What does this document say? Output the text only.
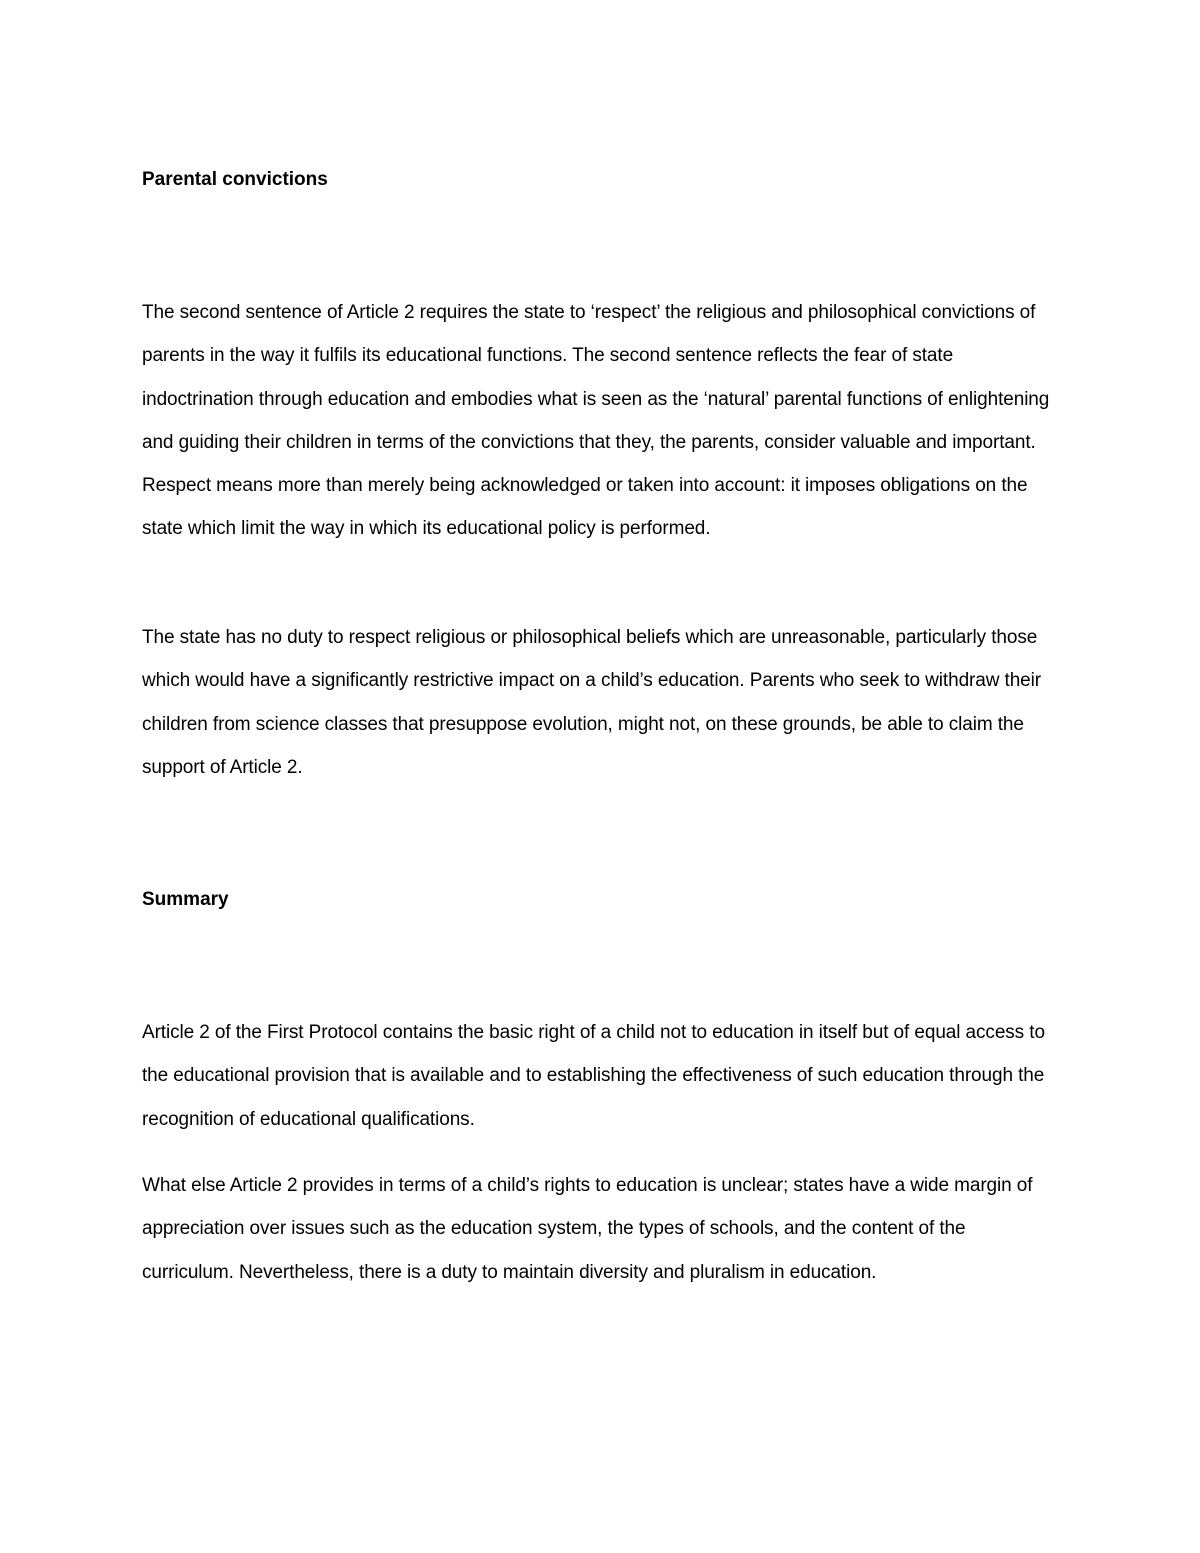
Parental convictions

The second sentence of Article 2 requires the state to ‘respect’ the religious and philosophical convictions of parents in the way it fulfils its educational functions. The second sentence reflects the fear of state indoctrination through education and embodies what is seen as the ‘natural’ parental functions of enlightening and guiding their children in terms of the convictions that they, the parents, consider valuable and important. Respect means more than merely being acknowledged or taken into account: it imposes obligations on the state which limit the way in which its educational policy is performed.

The state has no duty to respect religious or philosophical beliefs which are unreasonable, particularly those which would have a significantly restrictive impact on a child’s education. Parents who seek to withdraw their children from science classes that presuppose evolution, might not, on these grounds, be able to claim the support of Article 2.

Summary

Article 2 of the First Protocol contains the basic right of a child not to education in itself but of equal access to the educational provision that is available and to establishing the effectiveness of such education through the recognition of educational qualifications.

What else Article 2 provides in terms of a child’s rights to education is unclear; states have a wide margin of appreciation over issues such as the education system, the types of schools, and the content of the curriculum. Nevertheless, there is a duty to maintain diversity and pluralism in education.
